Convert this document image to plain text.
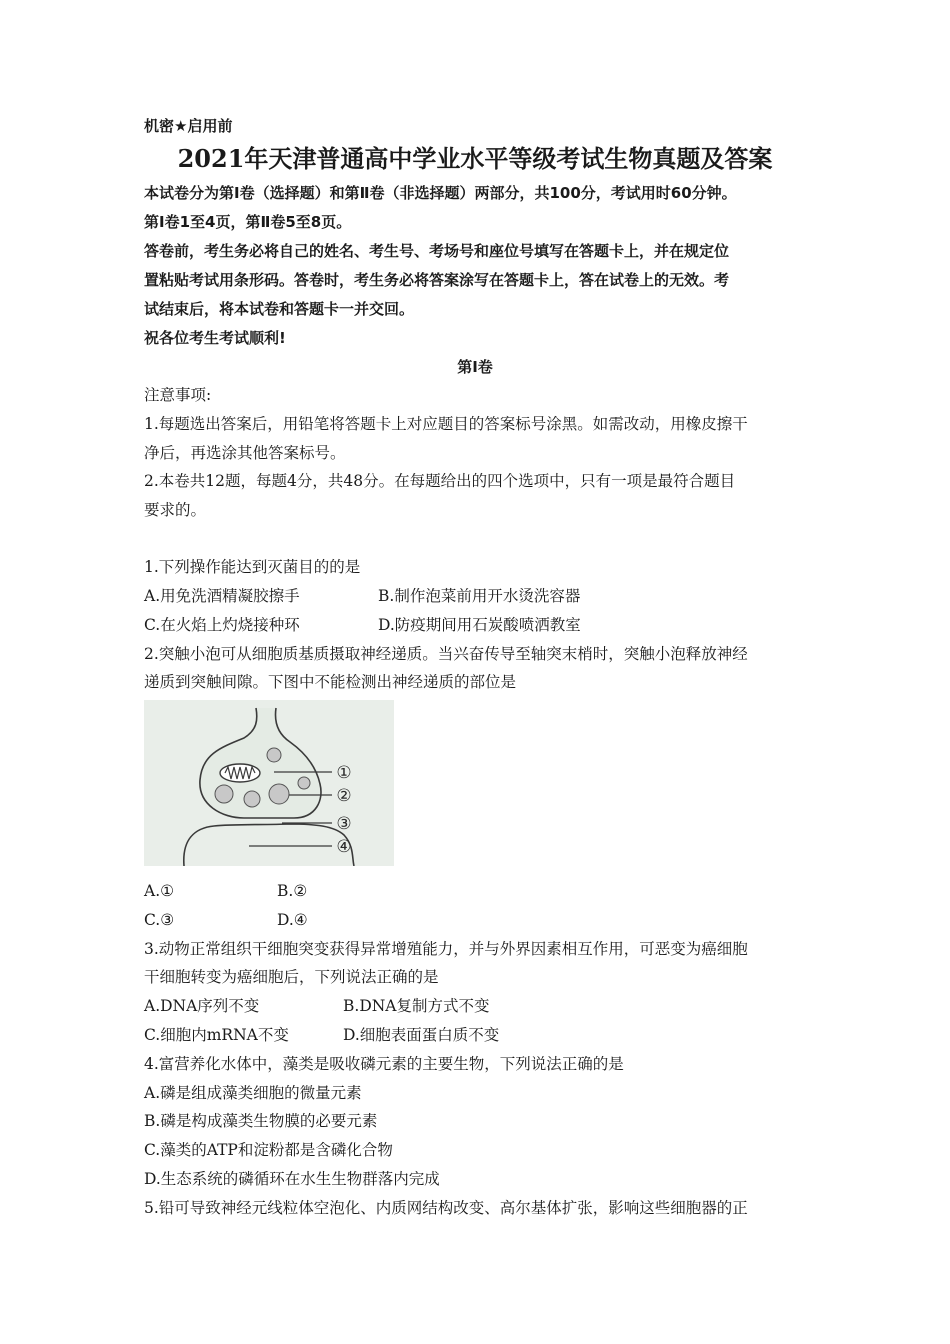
机密★启用前
2021年天津普通高中学业水平等级考试生物真题及答案
本试卷分为第Ⅰ卷（选择题）和第Ⅱ卷（非选择题）两部分，共100分，考试用时60分钟。
第Ⅰ卷1至4页，第Ⅱ卷5至8页。
答卷前，考生务必将自己的姓名、考生号、考场号和座位号填写在答题卡上，并在规定位
置粘贴考试用条形码。答卷时，考生务必将答案涂写在答题卡上，答在试卷上的无效。考
试结束后，将本试卷和答题卡一并交回。
祝各位考生考试顺利!
第Ⅰ卷
注意事项:
1.每题选出答案后，用铅笔将答题卡上对应题目的答案标号涂黑。如需改动，用橡皮擦干
净后，再选涂其他答案标号。
2.本卷共12题，每题4分，共48分。在每题给出的四个选项中，只有一项是最符合题目
要求的。
1.下列操作能达到灭菌目的的是
A.用免洗酒精凝胶擦手	B.制作泡菜前用开水烫洗容器
C.在火焰上灼烧接种环	D.防疫期间用石炭酸喷洒教室
2.突触小泡可从细胞质基质摄取神经递质。当兴奋传导至轴突末梢时，突触小泡释放神经
递质到突触间隙。下图中不能检测出神经递质的部位是
①
②
③
④
A.①	B.②
C.③	D.④
3.动物正常组织干细胞突变获得异常增殖能力，并与外界因素相互作用，可恶变为癌细胞
干细胞转变为癌细胞后，下列说法正确的是
A.DNA序列不变	B.DNA复制方式不变
C.细胞内mRNA不变	D.细胞表面蛋白质不变
4.富营养化水体中，藻类是吸收磷元素的主要生物，下列说法正确的是
A.磷是组成藻类细胞的微量元素
B.磷是构成藻类生物膜的必要元素
C.藻类的ATP和淀粉都是含磷化合物
D.生态系统的磷循环在水生生物群落内完成
5.铅可导致神经元线粒体空泡化、内质网结构改变、高尔基体扩张，影响这些细胞器的正
